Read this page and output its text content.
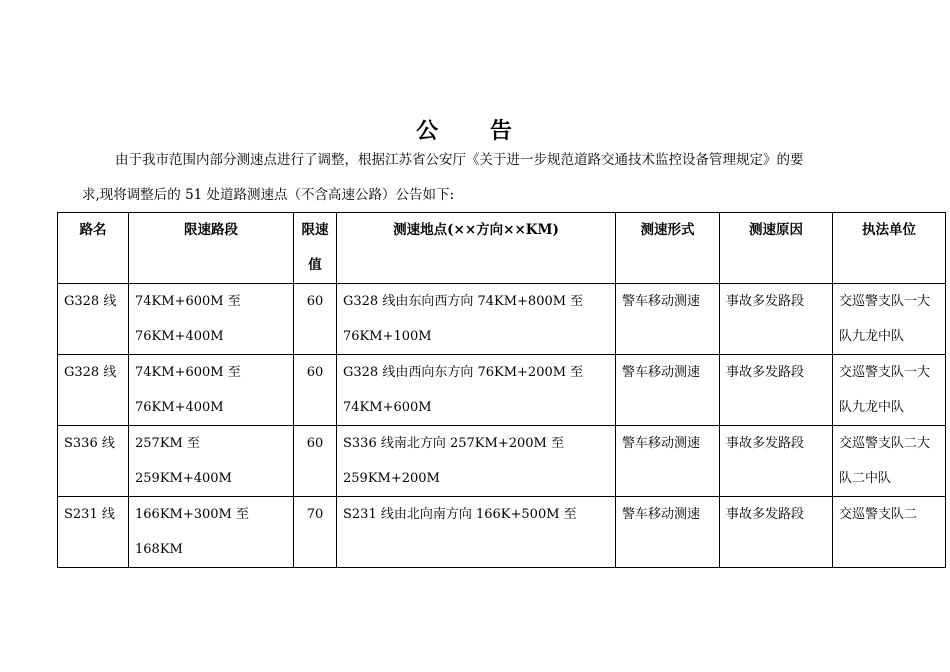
公 告

由于我市范围内部分测速点进行了调整，根据江苏省公安厅《关于进一步规范道路交通技术监控设备管理规定》的要

求,现将调整后的 51 处道路测速点（不含高速公路）公告如下:

路名	限速路段	限速值	测速地点(××方向××KM)	测速形式	测速原因	执法单位

G328 线	74KM+600M 至 76KM+400M	60	G328 线由东向西方向 74KM+800M 至 76KM+100M	警车移动测速	事故多发路段	交巡警支队一大队九龙中队

G328 线	74KM+600M 至 76KM+400M	60	G328 线由西向东方向 76KM+200M 至 74KM+600M	警车移动测速	事故多发路段	交巡警支队一大队九龙中队

S336 线	257KM 至 259KM+400M	60	S336 线南北方向 257KM+200M 至 259KM+200M	警车移动测速	事故多发路段	交巡警支队二大队二中队

S231 线	166KM+300M 至 168KM	70	S231 线由北向南方向 166K+500M 至	警车移动测速	事故多发路段	交巡警支队二
